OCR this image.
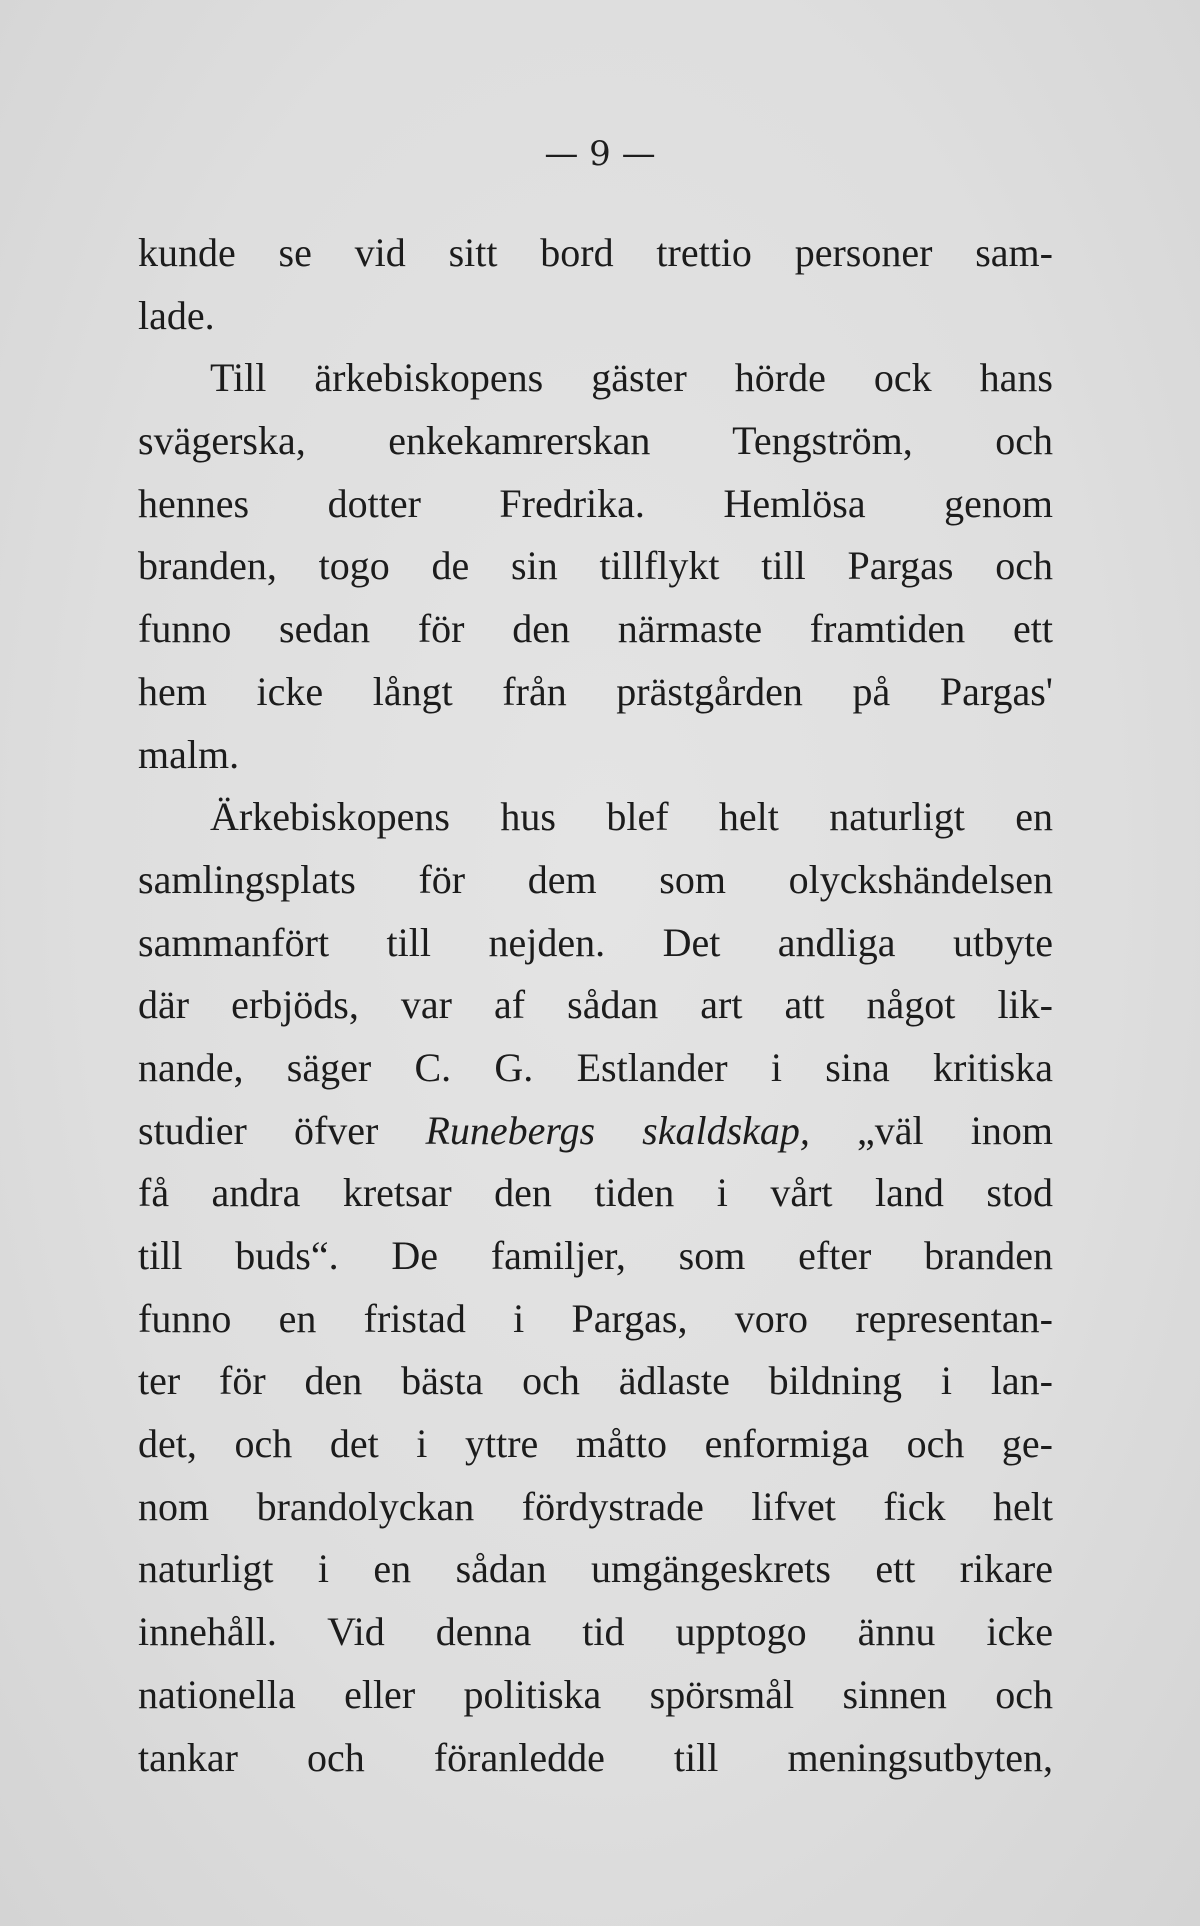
— 9 —
kunde se vid sitt bord trettio personer sam-
lade.
Till ärkebiskopens gäster hörde ock hans
svägerska, enkekamrerskan Tengström, och
hennes dotter Fredrika. Hemlösa genom
branden, togo de sin tillflykt till Pargas och
funno sedan för den närmaste framtiden ett
hem icke långt från prästgården på Pargas'
malm.
Ärkebiskopens hus blef helt naturligt en
samlingsplats för dem som olyckshändelsen
sammanfört till nejden. Det andliga utbyte
där erbjöds, var af sådan art att något lik-
nande, säger C. G. Estlander i sina kritiska
studier öfver Runebergs skaldskap, „väl inom
få andra kretsar den tiden i vårt land stod
till buds“. De familjer, som efter branden
funno en fristad i Pargas, voro representan-
ter för den bästa och ädlaste bildning i lan-
det, och det i yttre måtto enformiga och ge-
nom brandolyckan fördystrade lifvet fick helt
naturligt i en sådan umgängeskrets ett rikare
innehåll. Vid denna tid upptogo ännu icke
nationella eller politiska spörsmål sinnen och
tankar och föranledde till meningsutbyten,
